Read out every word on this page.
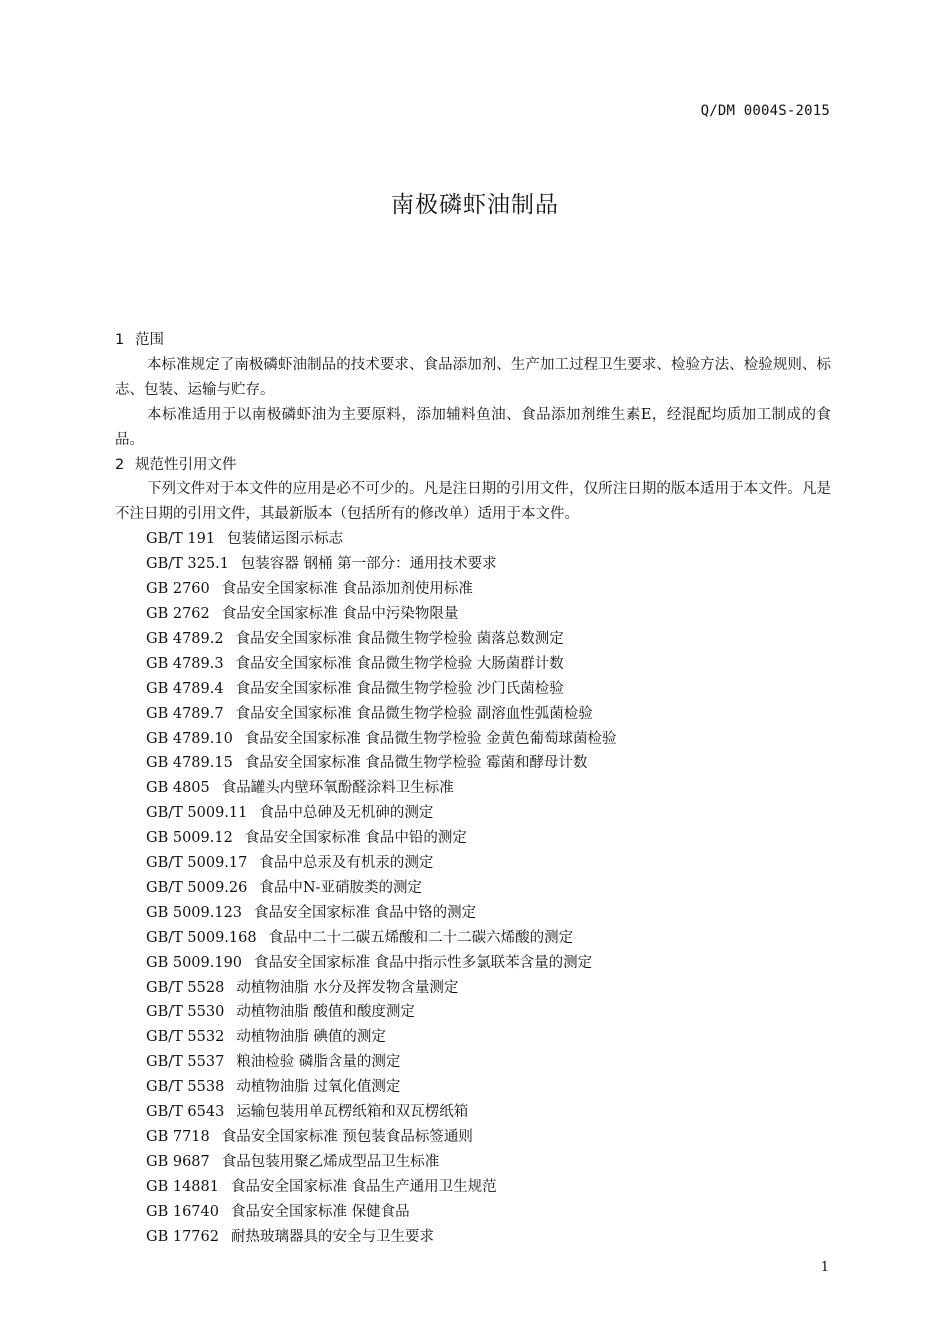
Q/DM 0004S-2015
南极磷虾油制品
1 范围

本标准规定了南极磷虾油制品的技术要求、食品添加剂、生产加工过程卫生要求、检验方法、检验规则、标志、包装、运输与贮存。

本标准适用于以南极磷虾油为主要原料，添加辅料鱼油、食品添加剂维生素E，经混配均质加工制成的食品。

2 规范性引用文件

下列文件对于本文件的应用是必不可少的。凡是注日期的引用文件，仅所注日期的版本适用于本文件。凡是不注日期的引用文件，其最新版本（包括所有的修改单）适用于本文件。

GB/T 191 包装储运图示标志
GB/T 325.1 包装容器 钢桶 第一部分：通用技术要求
GB 2760 食品安全国家标准 食品添加剂使用标准
GB 2762 食品安全国家标准 食品中污染物限量
GB 4789.2 食品安全国家标准 食品微生物学检验 菌落总数测定
GB 4789.3 食品安全国家标准 食品微生物学检验 大肠菌群计数
GB 4789.4 食品安全国家标准 食品微生物学检验 沙门氏菌检验
GB 4789.7 食品安全国家标准 食品微生物学检验 副溶血性弧菌检验
GB 4789.10 食品安全国家标准 食品微生物学检验 金黄色葡萄球菌检验
GB 4789.15 食品安全国家标准 食品微生物学检验 霉菌和酵母计数
GB 4805 食品罐头内壁环氧酚醛涂料卫生标准
GB/T 5009.11 食品中总砷及无机砷的测定
GB 5009.12 食品安全国家标准 食品中铅的测定
GB/T 5009.17 食品中总汞及有机汞的测定
GB/T 5009.26 食品中N-亚硝胺类的测定
GB 5009.123 食品安全国家标准 食品中铬的测定
GB/T 5009.168 食品中二十二碳五烯酸和二十二碳六烯酸的测定
GB 5009.190 食品安全国家标准 食品中指示性多氯联苯含量的测定
GB/T 5528 动植物油脂 水分及挥发物含量测定
GB/T 5530 动植物油脂 酸值和酸度测定
GB/T 5532 动植物油脂 碘值的测定
GB/T 5537 粮油检验 磷脂含量的测定
GB/T 5538 动植物油脂 过氧化值测定
GB/T 6543 运输包装用单瓦楞纸箱和双瓦楞纸箱
GB 7718 食品安全国家标准 预包装食品标签通则
GB 9687 食品包装用聚乙烯成型品卫生标准
GB 14881 食品安全国家标准 食品生产通用卫生规范
GB 16740 食品安全国家标准 保健食品
GB 17762 耐热玻璃器具的安全与卫生要求
1
